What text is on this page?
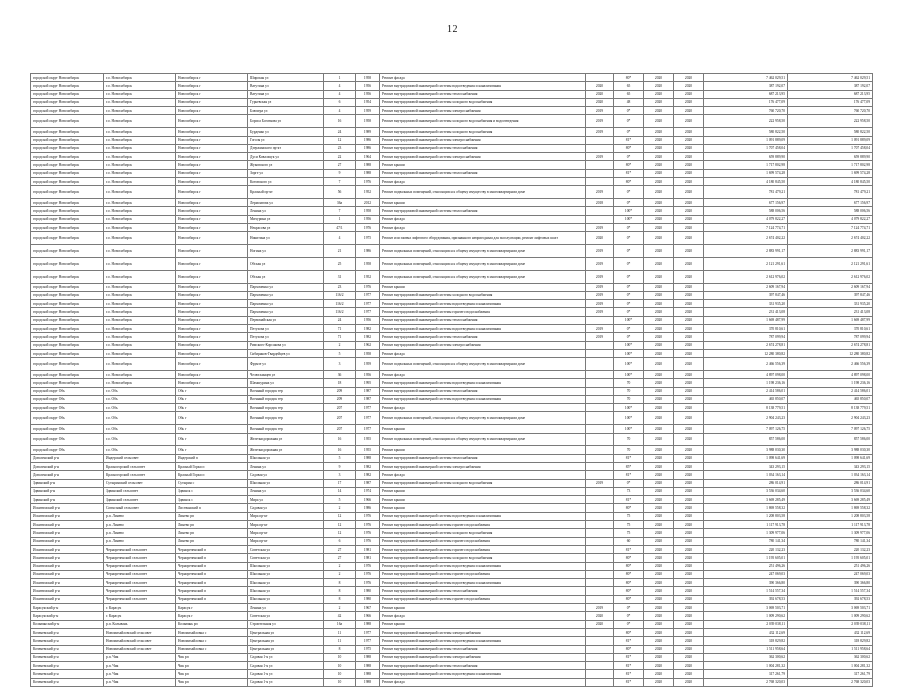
12
городской округ Новосибирск	г.о. Новосибирск	Новосибирск г	Широкая ул	1	1958	Ремонт фасада		80*	2020	2020	7 462 029,51	7 462 029,51
городской округ Новосибирск	г.о. Новосибирск	Новосибирск г	Ватутина ул	4	1956	Ремонт внутридомовой инженерной системы водоотведения и канализования	2020	65	2020	2020	387 192,07	387 192,07
городской округ Новосибирск	г.о. Новосибирск	Новосибирск г	Ватутина ул	4	1956	Ремонт внутридомовой инженерной системы теплоснабжения	2020	65	2020	2020	687 213,95	687 213,95
городской округ Новосибирск	г.о. Новосибирск	Новосибирск г	Гурьевская ул	6	1954	Ремонт внутридомовой инженерной системы холодного водоснабжения	2020	48	2020	2020	176 477,09	176 477,09
городской округ Новосибирск	г.о. Новосибирск	Новосибирск г	Блюхера ул	4	1959	Ремонт внутридомовой инженерной системы электроснабжения	2019	0*	2020	2020	760 720,70	760 720,70
городской округ Новосибирск	г.о. Новосибирск	Новосибирск г	Бориса Богаткова ул	16	1958	Ремонт внутридомовой инженерной системы холодного водоснабжения и водоотведения	2019	0*	2020	2020	222 958,50	222 958,50
городской округ Новосибирск	г.о. Новосибирск	Новосибирск г	Бурденко ул	24	1989	Ремонт внутридомовой инженерной системы холодного водоснабжения	2019	0*	2020	2020	580 822,50	580 822,50
городской округ Новосибирск	г.о. Новосибирск	Новосибирск г	Гоголя ул	12	1986	Ремонт внутридомовой инженерной системы электроснабжения		81*	2020	2020	1 091 889,09	1 091 889,09
городской округ Новосибирск	г.о. Новосибирск	Новосибирск г	Дзержинского пр-кт	23	1986	Ремонт внутридомовой инженерной системы теплоснабжения		80*	2020	2020	1 707 458,04	1 707 458,04
городской округ Новосибирск	г.о. Новосибирск	Новосибирск г	Дуси Ковальчук ул	22	1964	Ремонт внутридомовой инженерной системы электроснабжения	2019	0*	2020	2020	659 889,90	659 889,90
городской округ Новосибирск	г.о. Новосибирск	Новосибирск г	Жуковского ул	27	1988	Ремонт крыши		80*	2020	2020	1 717 802,98	1 717 802,98
городской округ Новосибирск	г.о. Новосибирск	Новосибирск г	Зорге ул	9	1988	Ремонт внутридомовой инженерной системы теплоснабжения		81*	2020	2020	1 699 574,28	1 699 574,28
городской округ Новосибирск	г.о. Новосибирск	Новосибирск г	Котовского ул	7	1976	Ремонт фасада		80*	2020	2020	4 180 845,50	4 180 845,50
городской округ Новосибирск	г.о. Новосибирск	Новосибирск г	Красный пр-кт	56	1952	Ремонт подвальных помещений, относящихся к общему имуществу в многоквартирном доме	2019	0*	2020	2020	781 479,21	781 479,21
городской округ Новосибирск	г.о. Новосибирск	Новосибирск г	Лермонтова ул	36а	2012	Ремонт крыши	2018	0*	2020	2020	677 156,97	677 156,97
городской округ Новосибирск	г.о. Новосибирск	Новосибирск г	Ленина ул	7	1958	Ремонт внутридомовой инженерной системы теплоснабжения		100*	2020	2020	588 006,56	588 006,56
городской округ Новосибирск	г.о. Новосибирск	Новосибирск г	Мичурина ул	1	1956	Ремонт фасада		100*	2020	2020	4 079 822,27	4 079 822,27
городской округ Новосибирск	г.о. Новосибирск	Новосибирск г	Некрасова ул	47/1	1976	Ремонт фасада	2019	0*	2020	2020	7 124 774,71	7 124 774,71
городской округ Новосибирск	г.о. Новосибирск	Новосибирск г	Никитина ул	4	1975	Ремонт или замена лифтового оборудования, признанного непригодным для эксплуатации, ремонт лифтовых шахт	2020	0*	2020	2020	2 674 402,22	2 674 402,22
городской округ Новосибирск	г.о. Новосибирск	Новосибирск г	Ногина ул	21	1986	Ремонт подвальных помещений, относящихся к общему имуществу в многоквартирном доме	2019	0*	2020	2020	2 883 991,17	2 883 991,17
городской округ Новосибирск	г.о. Новосибирск	Новосибирск г	Обская ул	25	1958	Ремонт подвальных помещений, относящихся к общему имуществу в многоквартирном доме	2019	0*	2020	2020	2 121 291,61	2 121 291,61
городской округ Новосибирск	г.о. Новосибирск	Новосибирск г	Обская ул	31	1952	Ремонт подвальных помещений, относящихся к общему имуществу в многоквартирном доме	2019	0*	2020	2020	2 612 976,02	2 612 976,02
городской округ Новосибирск	г.о. Новосибирск	Новосибирск г	Пархоменко ул	23	1976	Ремонт крыши	2019	0*	2020	2020	2 609 167,94	2 609 167,94
городской округ Новосибирск	г.о. Новосибирск	Новосибирск г	Пархоменко ул	116/2	1977	Ремонт внутридомовой инженерной системы холодного водоснабжения	2019	0*	2020	2020	397 847,46	397 847,46
городской округ Новосибирск	г.о. Новосибирск	Новосибирск г	Пархоменко ул	116/2	1977	Ремонт внутридомовой инженерной системы водоотведения и канализования	2019	0*	2020	2020	331 935,20	331 935,20
городской округ Новосибирск	г.о. Новосибирск	Новосибирск г	Пархоменко ул	116/2	1977	Ремонт внутридомовой инженерной системы горячего водоснабжения	2019	0*	2020	2020	231 413,08	231 413,08
городской округ Новосибирск	г.о. Новосибирск	Новосибирск г	Первомайская ул	24	1956	Ремонт внутридомовой инженерной системы теплоснабжения		100*	2020	2020	1 669 487,99	1 669 487,99
городской округ Новосибирск	г.о. Новосибирск	Новосибирск г	Петухова ул	71	1982	Ремонт внутридомовой инженерной системы водоотведения и канализования	2019	0*	2020	2020	370 810,61	370 810,61
городской округ Новосибирск	г.о. Новосибирск	Новосибирск г	Петухова ул	71	1982	Ремонт внутридомовой инженерной системы теплоснабжения	2019	0*	2020	2020	787 099,94	787 099,94
городской округ Новосибирск	г.о. Новосибирск	Новосибирск г	Римского-Корсакова ул	2	1962	Ремонт внутридомовой инженерной системы электроснабжения		100*	2020	2020	2 674 278,81	2 674 278,81
городской округ Новосибирск	г.о. Новосибирск	Новосибирск г	Сибиряков-Гвардейцев ул	5	1958	Ремонт фасада		100*	2020	2020	12 280 380,82	12 280 380,82
городской округ Новосибирск	г.о. Новосибирск	Новосибирск г	Фрунзе ул	3	1959	Ремонт подвальных помещений, относящихся к общему имуществу в многоквартирном доме		100*	2020	2020	2 466 556,39	2 466 556,39
городской округ Новосибирск	г.о. Новосибирск	Новосибирск г	Челюскинцев ул	36	1956	Ремонт фасада		100*	2020	2020	4 897 098,00	4 897 098,00
городской округ Новосибирск	г.о. Новосибирск	Новосибирск г	Шамшурина ул	18	1995	Ремонт внутридомовой инженерной системы водоотведения и канализования		70	2020	2020	1 198 236,16	1 198 236,16
городской округ Обь	г.о. Обь	Обь г	Военный городок тер	209	1987	Ремонт внутридомовой инженерной системы теплоснабжения		70	2020	2020	2 414 586,01	2 414 586,01
городской округ Обь	г.о. Обь	Обь г	Военный городок тер	209	1987	Ремонт внутридомовой инженерной системы водоотведения и канализования		70	2020	2020	465 850,07	465 850,07
городской округ Обь	г.о. Обь	Обь г	Военный городок тер	207	1977	Ремонт фасада		100*	2020	2020	8 138 779,51	8 138 779,51
городской округ Обь	г.о. Обь	Обь г	Военный городок тер	207	1977	Ремонт подвальных помещений, относящихся к общему имуществу в многоквартирном доме		100*	2020	2020	2 904 243,23	2 904 243,23
городской округ Обь	г.о. Обь	Обь г	Военный городок тер	207	1977	Ремонт крыши		100*	2020	2020	7 097 126,75	7 097 126,75
городской округ Обь	г.о. Обь	Обь г	Железнодорожная ул	16	1955	Ремонт подвальных помещений, относящихся к общему имуществу в многоквартирном доме		70	2020	2020	857 586,00	857 586,00
городской округ Обь	г.о. Обь	Обь г	Железнодорожная ул	16	1955	Ремонт крыши		70	2020	2020	3 988 030,30	3 988 030,30
Доволенский р-н	Индерский сельсовет	Индерский п	Школьная ул	5	1988	Ремонт внутридомовой инженерной системы теплоснабжения		81*	2020	2020	1 098 641,69	1 098 641,69
Доволенский р-н	Красногорский сельсовет	Красный Горки п	Ленина ул	9	1982	Ремонт внутридомовой инженерной системы электроснабжения		85*	2020	2020	343 293,15	343 293,15
Доволенский р-н	Красногорский сельсовет	Красный Горки п	Садовая ул	3	1982	Ремонт фасада		81*	2020	2020	1 034 163,14	1 034 163,14
Здвинский р-н	Сутыринский сельсовет	Сутырин с	Школьная ул	17	1987	Ремонт внутридомовой инженерной системы холодного водоснабжения	2019	0*	2020	2020	286 014,91	286 014,91
Здвинский р-н	Здвинский сельсовет	Здвинск с	Ленина ул	14	1974	Ремонт крыши		73	2020	2020	3 536 034,60	3 536 034,60
Здвинский р-н	Здвинский сельсовет	Здвинск с	Мира ул	5	1966	Ремонт крыши		81*	2020	2020	3 669 285,49	3 669 285,49
Искитимский р-н	Совхозный сельсовет	Листвянский п	Садовая ул	2	1986	Ремонт крыши		80*	2020	2020	1 869 558,32	1 869 558,32
Искитимский р-н	р.п. Линево	Линево рп	Мира пр-кт	12	1976	Ремонт внутридомовой инженерной системы водоотведения и канализования		75	2020	2020	1 208 803,58	1 208 803,58
Искитимский р-н	р.п. Линево	Линево рп	Мира пр-кт	12	1976	Ремонт внутридомовой инженерной системы горячего водоснабжения		75	2020	2020	1 117 913,78	1 117 913,78
Искитимский р-н	р.п. Линево	Линево рп	Мира пр-кт	12	1976	Ремонт внутридомовой инженерной системы холодного водоснабжения		75	2020	2020	1 309 977,06	1 309 977,06
Искитимский р-н	р.п. Линево	Линево рп	Мира пр-кт	6	1976	Ремонт внутридомовой инженерной системы горячего водоснабжения		60	2020	2020	780 141,34	780 141,34
Искитимский р-н	Чернореченский сельсовет	Чернореченский п	Советская ул	27	1981	Ремонт внутридомовой инженерной системы горячего водоснабжения		81*	2020	2020	220 132,23	220 132,23
Искитимский р-н	Чернореченский сельсовет	Чернореченский п	Советская ул	27	1981	Ремонт внутридомовой инженерной системы холодного водоснабжения		80*	2020	2020	1 195 605,01	1 195 605,01
Искитимский р-н	Чернореченский сельсовет	Чернореченский п	Школьная ул	2	1976	Ремонт внутридомовой инженерной системы водоотведения и канализования		80*	2020	2020	251 496,26	251 496,26
Искитимский р-н	Чернореченский сельсовет	Чернореченский п	Школьная ул	2	1976	Ремонт внутридомовой инженерной системы горячего водоснабжения		80*	2020	2020	247 069,03	247 069,03
Искитимский р-н	Чернореченский сельсовет	Чернореченский п	Школьная ул	8	1976	Ремонт внутридомовой инженерной системы водоотведения и канализования		80*	2020	2020	390 366,80	390 366,80
Искитимский р-н	Чернореченский сельсовет	Чернореченский п	Школьная ул	8	1980	Ремонт внутридомовой инженерной системы теплоснабжения		80*	2020	2020	1 514 557,34	1 514 557,34
Искитимский р-н	Чернореченский сельсовет	Чернореченский п	Школьная ул	8	1980	Ремонт внутридомовой инженерной системы горячего водоснабжения		80*	2020	2020	392 678,53	392 678,53
Карасукский р-н	г. Карасук	Карасук г	Ленина ул	2	1967	Ремонт крыши	2019	0*	2020	2020	3 069 503,71	3 069 503,71
Карасукский р-н	г. Карасук	Карасук г	Советская ул	42	1966	Ремонт фасада	2020	0*	2020	2020	1 009 290,62	1 009 290,62
Колыванский р-н	р.п. Колывань	Колывань рп	Строительная ул	16а	1988	Ремонт крыши	2020	0*	2020	2020	2 039 038,11	2 039 038,11
Коченевский р-н	Новомихайловский сельсовет	Новомихайловка с	Центральная ул	11	1977	Ремонт внутридомовой инженерной системы электроснабжения		80*	2020	2020	432 112,69	432 112,69
Коченевский р-н	Новомихайловский сельсовет	Новомихайловка с	Центральная ул	11	1977	Ремонт внутридомовой инженерной системы водоотведения и канализования		81*	2020	2020	318 829,82	318 829,82
Коченевский р-н	Новомихайловский сельсовет	Новомихайловка с	Центральная ул	8	1975	Ремонт внутридомовой инженерной системы теплоснабжения		80*	2020	2020	1 511 958,64	1 511 958,64
Коченевский р-н	р.п. Чик	Чик рп	Садовая 1-я ул	10	1988	Ремонт внутридомовой инженерной системы электроснабжения		81*	2020	2020	362 300,62	362 300,62
Коченевский р-н	р.п. Чик	Чик рп	Садовая 1-я ул	10	1988	Ремонт внутридомовой инженерной системы теплоснабжения		81*	2020	2020	1 004 281,32	1 004 281,32
Коченевский р-н	р.п. Чик	Чик рп	Садовая 1-я ул	10	1988	Ремонт внутридомовой инженерной системы водоотведения и канализования		81*	2020	2020	317 261,79	317 261,79
Коченевский р-н	р.п. Чик	Чик рп	Садовая 1-я ул	10	1988	Ремонт фасада		81*	2020	2020	2 768 320,03	2 768 320,03
